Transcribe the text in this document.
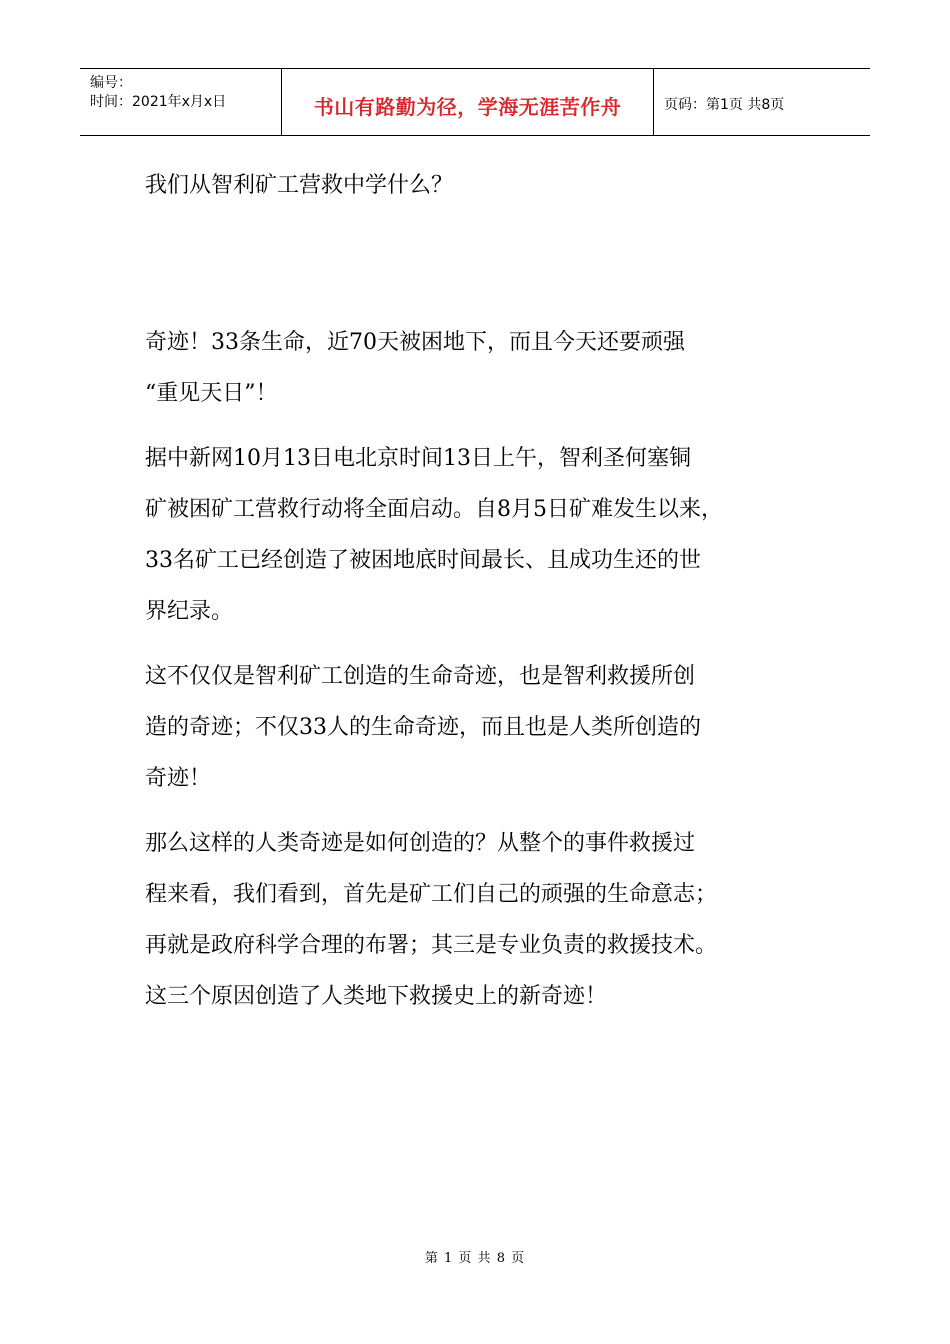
编号：
时间：2021年x月x日	书山有路勤为径，学海无涯苦作舟	页码：第1页 共8页

我们从智利矿工营救中学什么？

奇迹！33条生命，近70天被困地下，而且今天还要顽强
“重见天日”！

据中新网10月13日电北京时间13日上午，智利圣何塞铜
矿被困矿工营救行动将全面启动。自8月5日矿难发生以来，
33名矿工已经创造了被困地底时间最长、且成功生还的世
界纪录。

这不仅仅是智利矿工创造的生命奇迹，也是智利救援所创
造的奇迹；不仅33人的生命奇迹，而且也是人类所创造的
奇迹！

那么这样的人类奇迹是如何创造的？从整个的事件救援过
程来看，我们看到，首先是矿工们自己的顽强的生命意志；
再就是政府科学合理的布署；其三是专业负责的救援技术。
这三个原因创造了人类地下救援史上的新奇迹！

第 1 页 共 8 页
